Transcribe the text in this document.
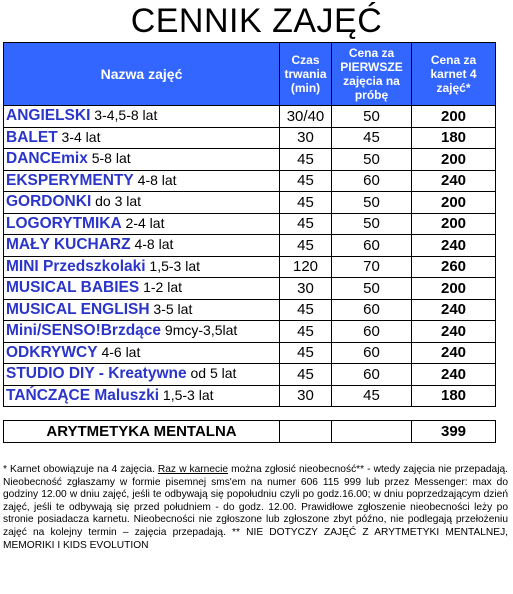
CENNIK ZAJĘĆ
Nazwa zajęć	Czas trwania (min)	Cena za PIERWSZE zajęcia na próbę	Cena za karnet 4 zajęć*
ANGIELSKI 3-4,5-8 lat	30/40	50	200
BALET 3-4 lat	30	45	180
DANCEmix 5-8 lat	45	50	200
EKSPERYMENTY 4-8 lat	45	60	240
GORDONKI do 3 lat	45	50	200
LOGORYTMIKA 2-4 lat	45	50	200
MAŁY KUCHARZ 4-8 lat	45	60	240
MINI Przedszkolaki 1,5-3 lat	120	70	260
MUSICAL BABIES 1-2 lat	30	50	200
MUSICAL ENGLISH 3-5 lat	45	60	240
Mini/SENSO!Brzdące 9mcy-3,5lat	45	60	240
ODKRYWCY 4-6 lat	45	60	240
STUDIO DIY - Kreatywne od 5 lat	45	60	240
TAŃCZĄCE Maluszki 1,5-3 lat	30	45	180

ARYTMETYKA MENTALNA			399
* Karnet obowiązuje na 4 zajęcia. Raz w karnecie można zgłosić nieobecność** - wtedy zajęcia nie przepadają. Nieobecność zgłaszamy w formie pisemnej sms'em na numer 606 115 999 lub przez Messenger: max do godziny 12.00 w dniu zajęć, jeśli te odbywają się popołudniu czyli po godz.16.00; w dniu poprzedzającym dzień zajęć, jeśli te odbywają się przed południem - do godz. 12.00. Prawidłowe zgłoszenie nieobecności leży po stronie posiadacza karnetu. Nieobecności nie zgłoszone lub zgłoszone zbyt późno, nie podlegają przełożeniu zajęć na kolejny termin – zajęcia przepadają. ** NIE DOTYCZY ZAJĘĆ Z ARYTMETYKI MENTALNEJ, MEMORIKI I KIDS EVOLUTION
